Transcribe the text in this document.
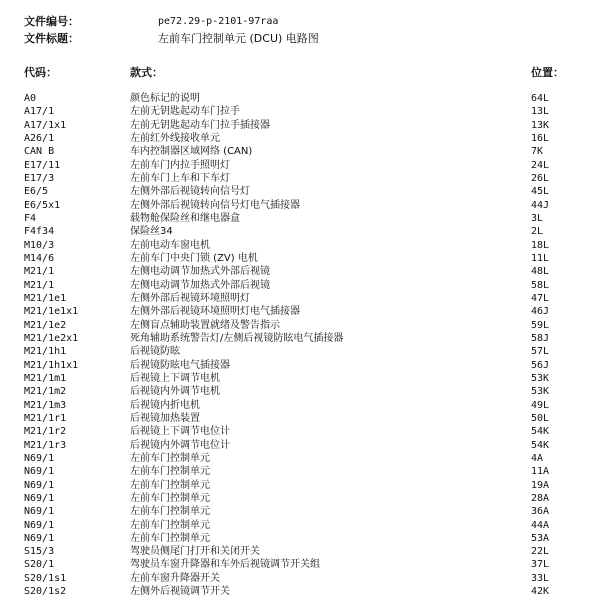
文件编号：	pe72.29-p-2101-97raa
文件标题：	左前车门控制单元 (DCU) 电路图
代码：	款式：	位置：
A0	颜色标记的说明	64L
A17/1	左前无钥匙起动车门拉手	13L
A17/1x1	左前无钥匙起动车门拉手插接器	13K
A26/1	左前红外线接收单元	16L
CAN B	车内控制器区域网络 (CAN)	7K
E17/11	左前车门内拉手照明灯	24L
E17/3	左前车门上车和下车灯	26L
E6/5	左侧外部后视镜转向信号灯	45L
E6/5x1	左侧外部后视镜转向信号灯电气插接器	44J
F4	载物舱保险丝和继电器盒	3L
F4f34	保险丝34	2L
M10/3	左前电动车窗电机	18L
M14/6	左前车门中央门锁 (ZV) 电机	11L
M21/1	左侧电动调节加热式外部后视镜	48L
M21/1	左侧电动调节加热式外部后视镜	58L
M21/1e1	左侧外部后视镜环境照明灯	47L
M21/1e1x1	左侧外部后视镜环境照明灯电气插接器	46J
M21/1e2	左侧盲点辅助装置就绪及警告指示	59L
M21/1e2x1	死角辅助系统警告灯/左侧后视镜防眩电气插接器	58J
M21/1h1	后视镜防眩	57L
M21/1h1x1	后视镜防眩电气插接器	56J
M21/1m1	后视镜上下调节电机	53K
M21/1m2	后视镜内外调节电机	53K
M21/1m3	后视镜内折电机	49L
M21/1r1	后视镜加热装置	50L
M21/1r2	后视镜上下调节电位计	54K
M21/1r3	后视镜内外调节电位计	54K
N69/1	左前车门控制单元	4A
N69/1	左前车门控制单元	11A
N69/1	左前车门控制单元	19A
N69/1	左前车门控制单元	28A
N69/1	左前车门控制单元	36A
N69/1	左前车门控制单元	44A
N69/1	左前车门控制单元	53A
S15/3	驾驶员侧尾门打开和关闭开关	22L
S20/1	驾驶员车窗升降器和车外后视镜调节开关组	37L
S20/1s1	左前车窗升降器开关	33L
S20/1s2	左侧外后视镜调节开关	42K
